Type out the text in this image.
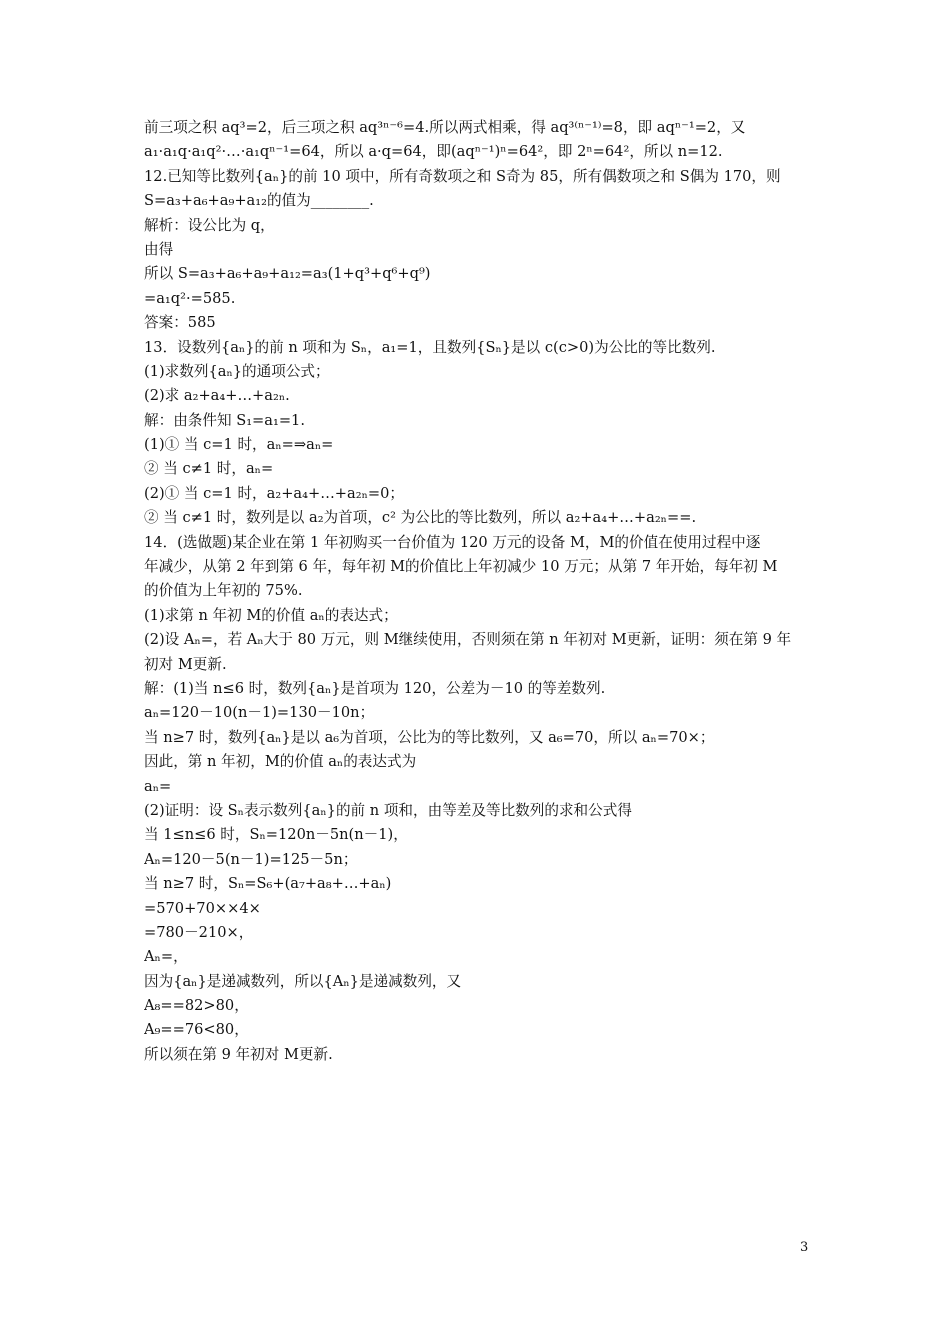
前三项之积 aq³=2，后三项之积 aq³ⁿ⁻⁶=4.所以两式相乘，得 aq³⁽ⁿ⁻¹⁾=8，即 aqⁿ⁻¹=2，又
a₁·a₁q·a₁q²·…·a₁qⁿ⁻¹=64，所以 a·q=64，即(aqⁿ⁻¹)ⁿ=64²，即 2ⁿ=64²，所以 n=12.
12.已知等比数列{aₙ}的前 10 项中，所有奇数项之和 S奇为 85，所有偶数项之和 S偶为 170，则
S=a₃+a₆+a₉+a₁₂的值为________.
解析：设公比为 q，
由得
所以 S=a₃+a₆+a₉+a₁₂=a₃(1+q³+q⁶+q⁹)
=a₁q²·=585.
答案：585
13．设数列{aₙ}的前 n 项和为 Sₙ，a₁=1，且数列{Sₙ}是以 c(c>0)为公比的等比数列.
(1)求数列{aₙ}的通项公式；
(2)求 a₂+a₄+…+a₂ₙ.
解：由条件知 S₁=a₁=1.
(1)① 当 c=1 时，aₙ=⇒aₙ=
② 当 c≠1 时，aₙ=
(2)① 当 c=1 时，a₂+a₄+…+a₂ₙ=0；
② 当 c≠1 时，数列是以 a₂为首项，c² 为公比的等比数列，所以 a₂+a₄+…+a₂ₙ==.
14．(选做题)某企业在第 1 年初购买一台价值为 120 万元的设备 M，M的价值在使用过程中逐
年减少，从第 2 年到第 6 年，每年初 M的价值比上年初减少 10 万元；从第 7 年开始，每年初 M
的价值为上年初的 75%.
(1)求第 n 年初 M的价值 aₙ的表达式；
(2)设 Aₙ=，若 Aₙ大于 80 万元，则 M继续使用，否则须在第 n 年初对 M更新，证明：须在第 9 年
初对 M更新.
解：(1)当 n≤6 时，数列{aₙ}是首项为 120，公差为－10 的等差数列.
aₙ=120－10(n－1)=130－10n；
当 n≥7 时，数列{aₙ}是以 a₆为首项，公比为的等比数列，又 a₆=70，所以 aₙ=70×；
因此，第 n 年初，M的价值 aₙ的表达式为
aₙ=
(2)证明：设 Sₙ表示数列{aₙ}的前 n 项和，由等差及等比数列的求和公式得
当 1≤n≤6 时，Sₙ=120n－5n(n－1)，
Aₙ=120－5(n－1)=125－5n；
当 n≥7 时，Sₙ=S₆+(a₇+a₈+…+aₙ)
=570+70××4×
=780－210×，
Aₙ=，
因为{aₙ}是递减数列，所以{Aₙ}是递减数列，又
A₈==82>80，
A₉==76<80，
所以须在第 9 年初对 M更新.
3
